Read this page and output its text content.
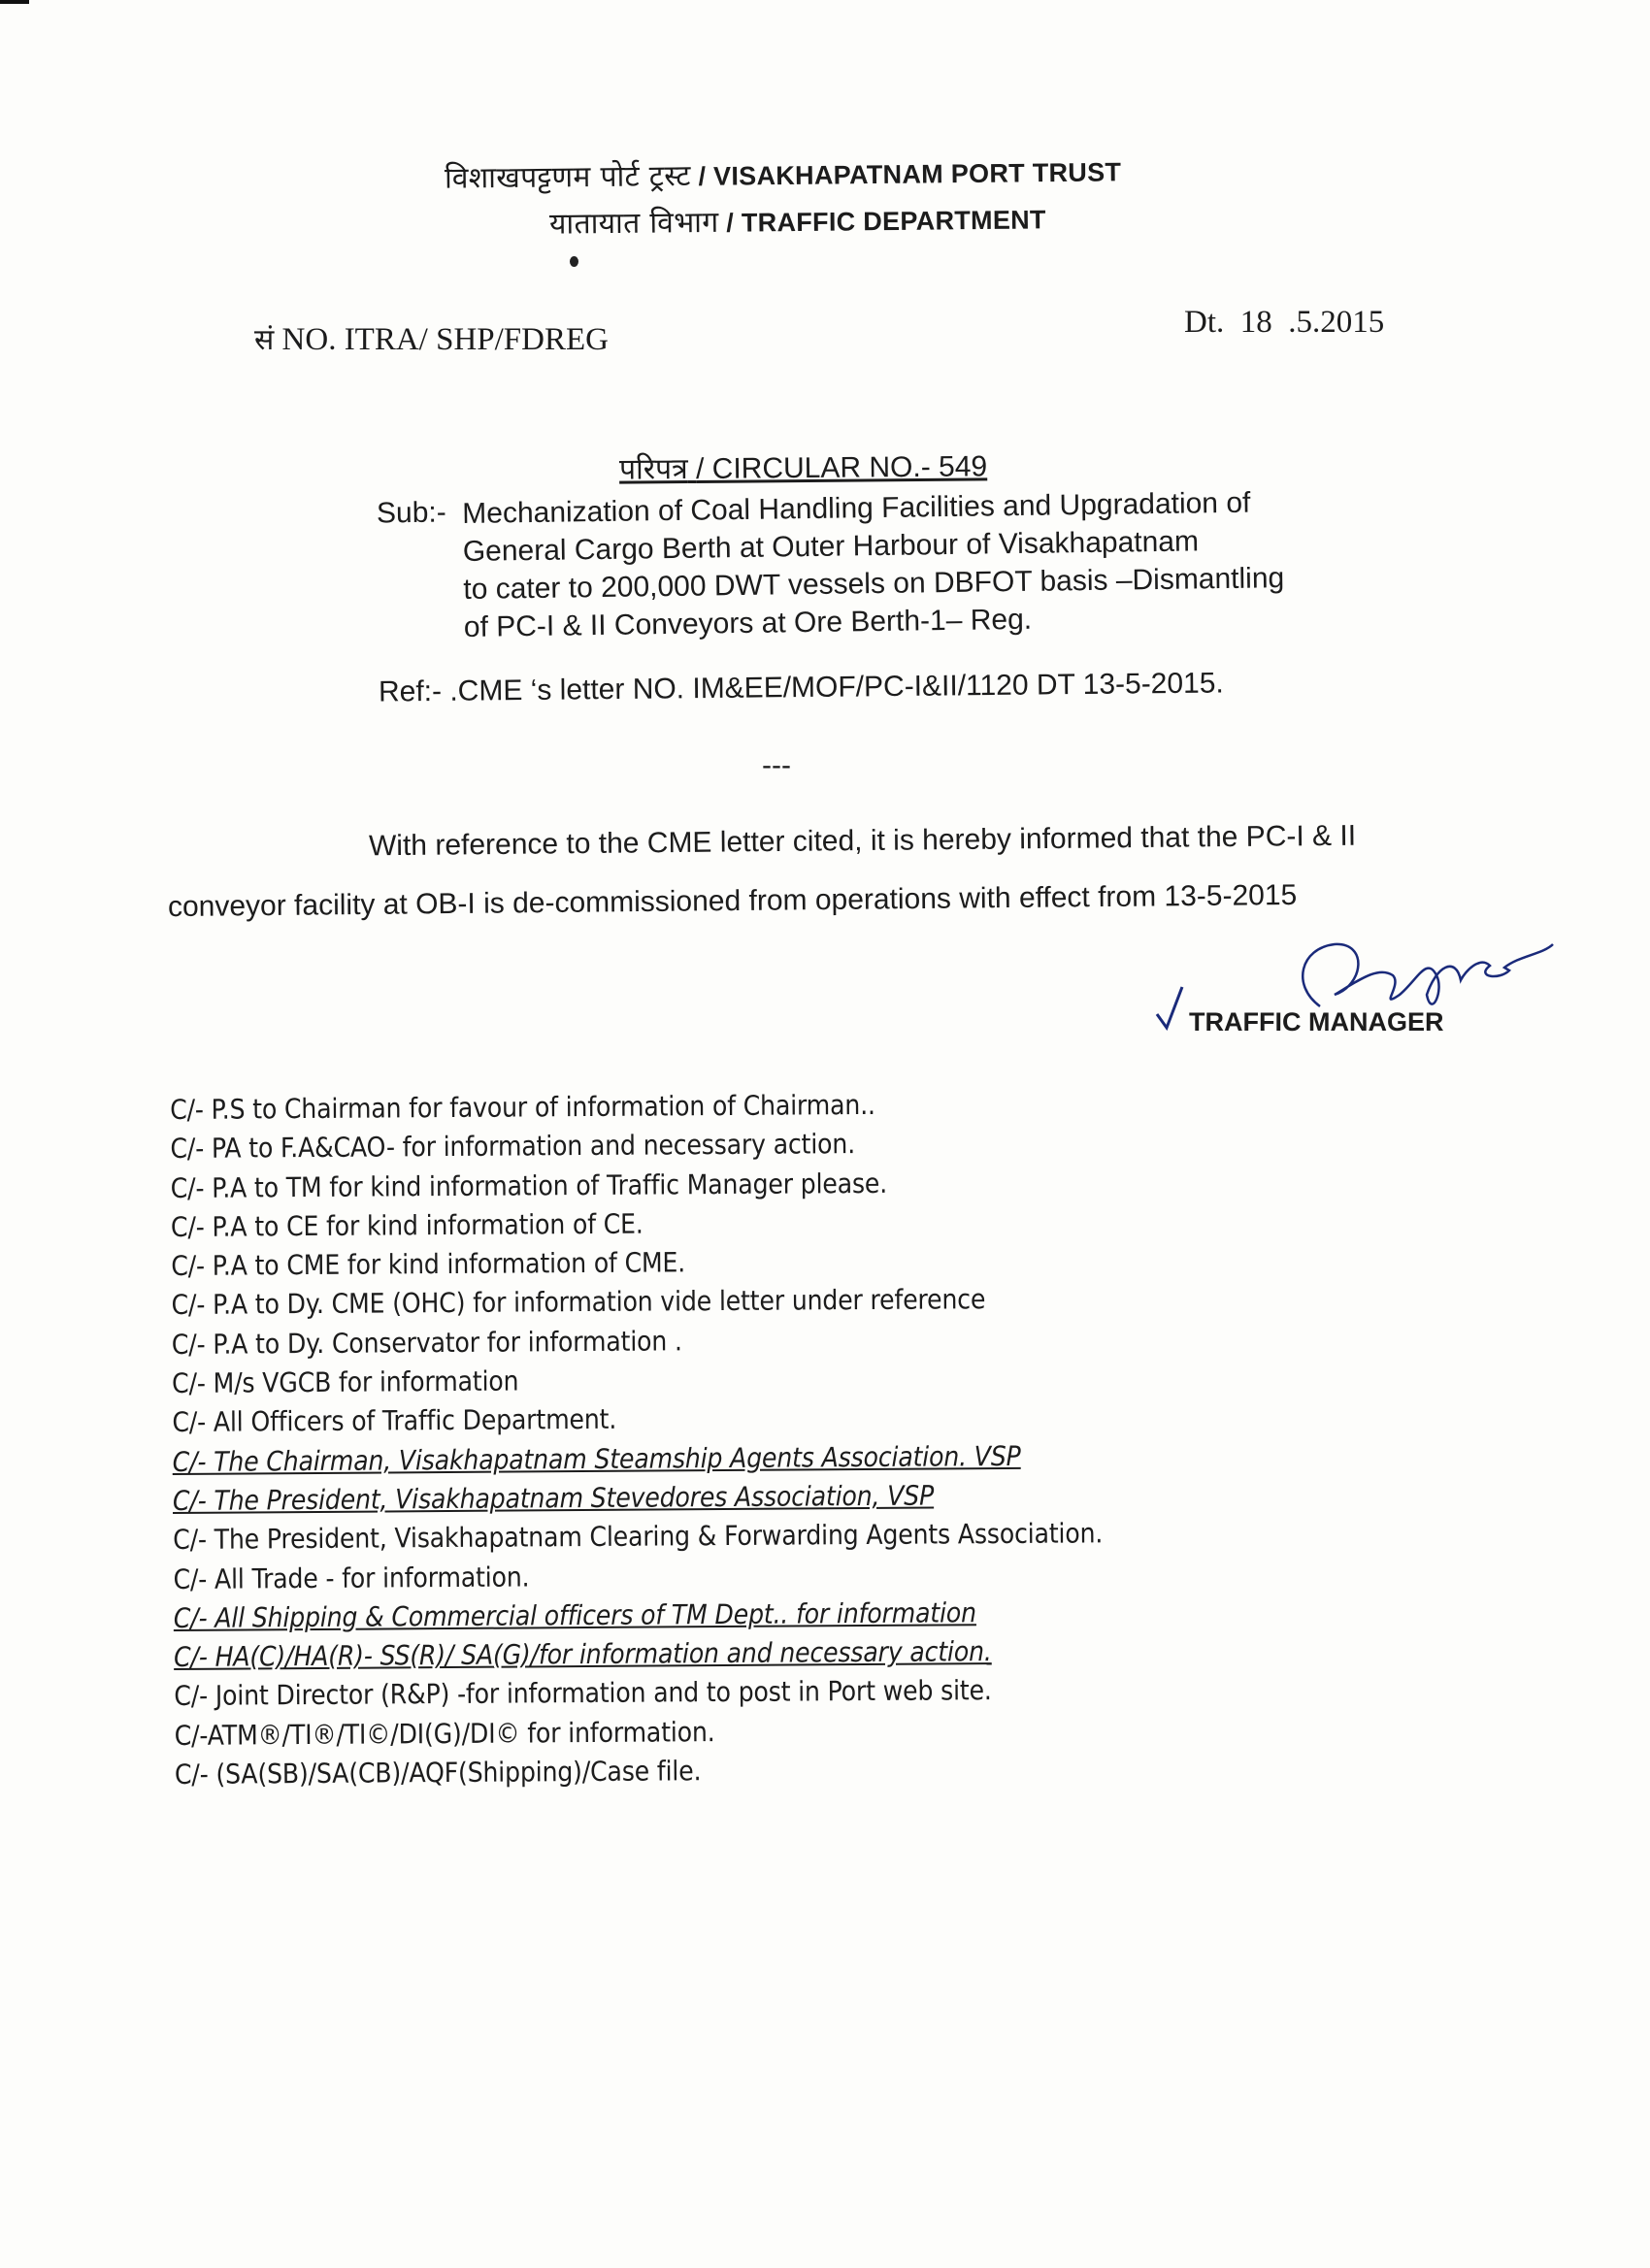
विशाखपट्टणम पोर्ट ट्रस्ट / VISAKHAPATNAM PORT TRUST
यातायात विभाग / TRAFFIC DEPARTMENT
सं NO. ITRA/ SHP/FDREG	Dt.  18  .5.2015
परिपत्र / CIRCULAR NO.- 549
Sub:- Mechanization of Coal Handling Facilities and Upgradation of
General Cargo Berth at Outer Harbour of Visakhapatnam
to cater to 200,000 DWT vessels on DBFOT basis –Dismantling
of PC-I & II Conveyors at Ore Berth-1– Reg.
Ref:- .CME ‘s letter NO. IM&EE/MOF/PC-I&II/1120 DT 13-5-2015.
---
With reference to the CME letter cited, it is hereby informed that the PC-I & II
conveyor facility at OB-I is de-commissioned from operations with effect from 13-5-2015
TRAFFIC MANAGER
C/- P.S to Chairman for favour of information of Chairman..
C/- PA to F.A&CAO- for information and necessary action.
C/- P.A to TM for kind information of Traffic Manager please.
C/- P.A to CE for kind information of CE.
C/- P.A to CME for kind information of CME.
C/- P.A to Dy. CME (OHC) for information vide letter under reference
C/- P.A to Dy. Conservator for information .
C/- M/s VGCB for information
C/- All Officers of Traffic Department.
C/- The Chairman, Visakhapatnam Steamship Agents Association. VSP
C/- The President, Visakhapatnam Stevedores Association, VSP
C/- The President, Visakhapatnam Clearing & Forwarding Agents Association.
C/- All Trade - for information.
C/- All Shipping & Commercial officers of TM Dept.. for information
C/- HA(C)/HA(R)- SS(R)/ SA(G)/for information and necessary action.
C/- Joint Director (R&P) -for information and to post in Port web site.
C/-ATM®/TI®/TI©/DI(G)/DI© for information.
C/- (SA(SB)/SA(CB)/AQF(Shipping)/Case file.
